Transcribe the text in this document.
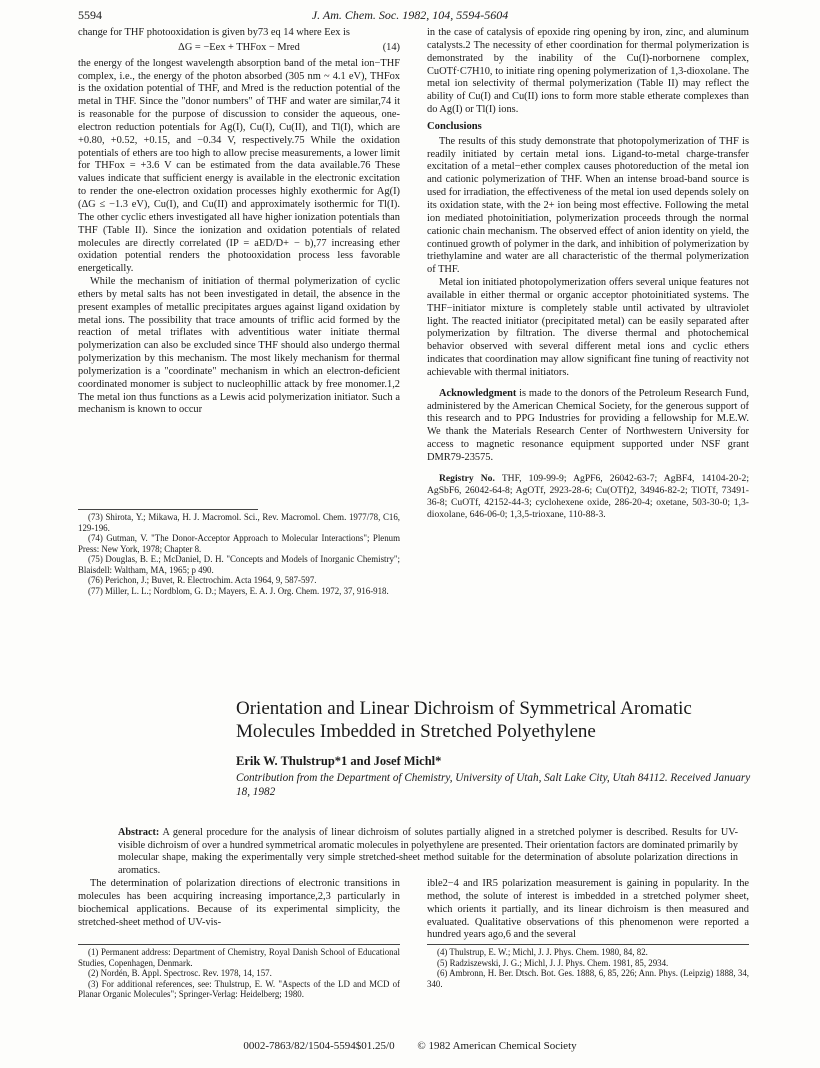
5594	J. Am. Chem. Soc. 1982, 104, 5594-5604

change for THF photooxidation is given by73 eq 14 where Eex is

ΔG = −Eex + THFox − Mred	(14)

the energy of the longest wavelength absorption band of the metal ion−THF complex, i.e., the energy of the photon absorbed (305 nm ~ 4.1 eV), THFox is the oxidation potential of THF, and Mred is the reduction potential of the metal in THF. Since the "donor numbers" of THF and water are similar,74 it is reasonable for the purpose of discussion to consider the aqueous, one-electron reduction potentials for Ag(I), Cu(I), Cu(II), and Tl(I), which are +0.80, +0.52, +0.15, and −0.34 V, respectively.75 While the oxidation potentials of ethers are too high to allow precise measurements, a lower limit for THFox = +3.6 V can be estimated from the data available.76 These values indicate that sufficient energy is available in the electronic excitation to render the one-electron oxidation processes highly exothermic for Ag(I) (ΔG ≤ −1.3 eV), Cu(I), and Cu(II) and approximately isothermic for Tl(I). The other cyclic ethers investigated all have higher ionization potentials than THF (Table II). Since the ionization and oxidation potentials of related molecules are directly correlated (IP = aED/D+ − b),77 increasing ether oxidation potential renders the photooxidation process less favorable energetically.

While the mechanism of initiation of thermal polymerization of cyclic ethers by metal salts has not been investigated in detail, the absence in the present examples of metallic precipitates argues against ligand oxidation by metal ions. The possibility that trace amounts of triflic acid formed by the reaction of metal triflates with adventitious water initiate thermal polymerization can also be excluded since THF should also undergo thermal polymerization by this mechanism. The most likely mechanism for thermal polymerization is a "coordinate" mechanism in which an electron-deficient coordinated monomer is subject to nucleophillic attack by free monomer.1,2 The metal ion thus functions as a Lewis acid polymerization initiator. Such a mechanism is known to occur

(73) Shirota, Y.; Mikawa, H. J. Macromol. Sci., Rev. Macromol. Chem. 1977/78, C16, 129-196.

(74) Gutman, V. "The Donor-Acceptor Approach to Molecular Interactions"; Plenum Press: New York, 1978; Chapter 8.

(75) Douglas, B. E.; McDaniel, D. H. "Concepts and Models of Inorganic Chemistry"; Blaisdell: Waltham, MA, 1965; p 490.

(76) Perichon, J.; Buvet, R. Electrochim. Acta 1964, 9, 587-597.

(77) Miller, L. L.; Nordblom, G. D.; Mayers, E. A. J. Org. Chem. 1972, 37, 916-918.

in the case of catalysis of epoxide ring opening by iron, zinc, and aluminum catalysts.2 The necessity of ether coordination for thermal polymerization is demonstrated by the inability of the Cu(I)-norbornene complex, CuOTf·C7H10, to initiate ring opening polymerization of 1,3-dioxolane. The metal ion selectivity of thermal polymerization (Table II) may reflect the ability of Cu(I) and Cu(II) ions to form more stable etherate complexes than do Ag(I) or Tl(I) ions.

Conclusions

The results of this study demonstrate that photopolymerization of THF is readily initiated by certain metal ions. Ligand-to-metal charge-transfer excitation of a metal−ether complex causes photoreduction of the metal ion and cationic polymerization of THF. When an intense broad-band source is used for irradiation, the effectiveness of the metal ion used depends solely on its oxidation state, with the 2+ ion being most effective. Following the metal ion mediated photoinitiation, polymerization proceeds through the normal cationic chain mechanism. The observed effect of anion identity on yield, the continued growth of polymer in the dark, and inhibition of polymerization by triethylamine and water are all characteristic of the thermal polymerization of THF.

Metal ion initiated photopolymerization offers several unique features not available in either thermal or organic acceptor photoinitiated systems. The THF−initiator mixture is completely stable until activated by ultraviolet light. The reacted initiator (precipitated metal) can be easily separated after polymerization by filtration. The diverse thermal and photochemical behavior observed with several different metal ions and cyclic ethers indicates that coordination may allow significant fine tuning of reactivity not achievable with thermal initiators.

Acknowledgment is made to the donors of the Petroleum Research Fund, administered by the American Chemical Society, for the generous support of this research and to PPG Industries for providing a fellowship for M.E.W. We thank the Materials Research Center of Northwestern University for access to magnetic resonance equipment supported under NSF grant DMR79-23575.

Registry No. THF, 109-99-9; AgPF6, 26042-63-7; AgBF4, 14104-20-2; AgSbF6, 26042-64-8; AgOTf, 2923-28-6; Cu(OTf)2, 34946-82-2; TlOTf, 73491-36-8; CuOTf, 42152-44-3; cyclohexene oxide, 286-20-4; oxetane, 503-30-0; 1,3-dioxolane, 646-06-0; 1,3,5-trioxane, 110-88-3.

Orientation and Linear Dichroism of Symmetrical Aromatic Molecules Imbedded in Stretched Polyethylene
Erik W. Thulstrup*1 and Josef Michl*
Contribution from the Department of Chemistry, University of Utah, Salt Lake City, Utah 84112. Received January 18, 1982
Abstract: A general procedure for the analysis of linear dichroism of solutes partially aligned in a stretched polymer is described. Results for UV-visible dichroism of over a hundred symmetrical aromatic molecules in polyethylene are presented. Their orientation factors are dominated primarily by molecular shape, making the experimentally very simple stretched-sheet method suitable for the determination of absolute polarization directions in aromatics.

The determination of polarization directions of electronic transitions in molecules has been acquiring increasing importance,2,3 particularly in biochemical applications. Because of its experimental simplicity, the stretched-sheet method of UV-vis-

ible2−4 and IR5 polarization measurement is gaining in popularity. In the method, the solute of interest is imbedded in a stretched polymer sheet, which orients it partially, and its linear dichroism is then measured and evaluated. Qualitative observations of this phenomenon were reported a hundred years ago,6 and the several

(1) Permanent address: Department of Chemistry, Royal Danish School of Educational Studies, Copenhagen, Denmark.

(2) Nordén, B. Appl. Spectrosc. Rev. 1978, 14, 157.

(3) For additional references, see: Thulstrup, E. W. "Aspects of the LD and MCD of Planar Organic Molecules"; Springer-Verlag: Heidelberg; 1980.

(4) Thulstrup, E. W.; Michl, J. J. Phys. Chem. 1980, 84, 82.

(5) Radziszewski, J. G.; Michl, J. J. Phys. Chem. 1981, 85, 2934.

(6) Ambronn, H. Ber. Dtsch. Bot. Ges. 1888, 6, 85, 226; Ann. Phys. (Leipzig) 1888, 34, 340.

0002-7863/82/1504-5594$01.25/0 © 1982 American Chemical Society
